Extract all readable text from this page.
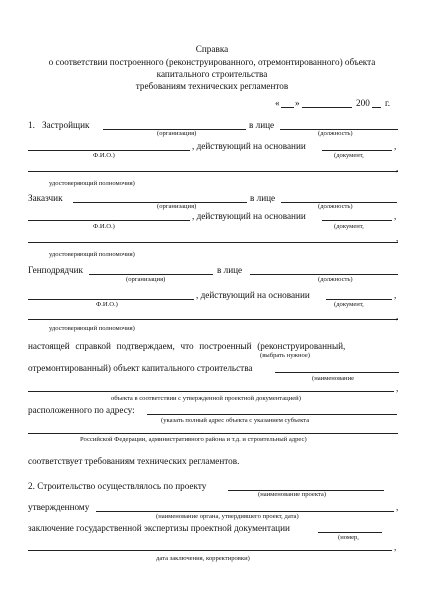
Справка
о соответствии построенного (реконструированного, отремонтированного) объекта
капитального строительства
требованиям технических регламентов
« »	200 г.
1. Застройщик	в лице
(организация)	(должность)
, действующий на основании	,
Ф.И.О.)	(документ,
,
удостоверяющий полномочия)
Заказчик	в лице
(организация)	(должность)
, действующий на основании	,
Ф.И.О.)	(документ,
,
удостоверяющий полномочия)
Генподрядчик	в лице
(организация)	(должность)
, действующий на основании	,
Ф.И.О.)	(документ,
,
удостоверяющий полномочия)
настоящей справкой подтверждаем, что построенный (реконструированный,
(выбрать нужное)
отремонтированный) объект капитального строительства
(наименование
,
объекта в соответствии с утвержденной проектной документацией)
расположенного по адресу:
(указать полный адрес объекта с указанием субъекта
Российской Федерации, административного района и т.д. и строительный адрес)
соответствует требованиям технических регламентов.
2. Строительство осуществлялось по проекту
(наименование проекта)
утвержденному	,
(наименование органа, утвердившего проект, дата)
заключение государственной экспертизы проектной документации
(номер,
,
дата заключения, корректировки)
